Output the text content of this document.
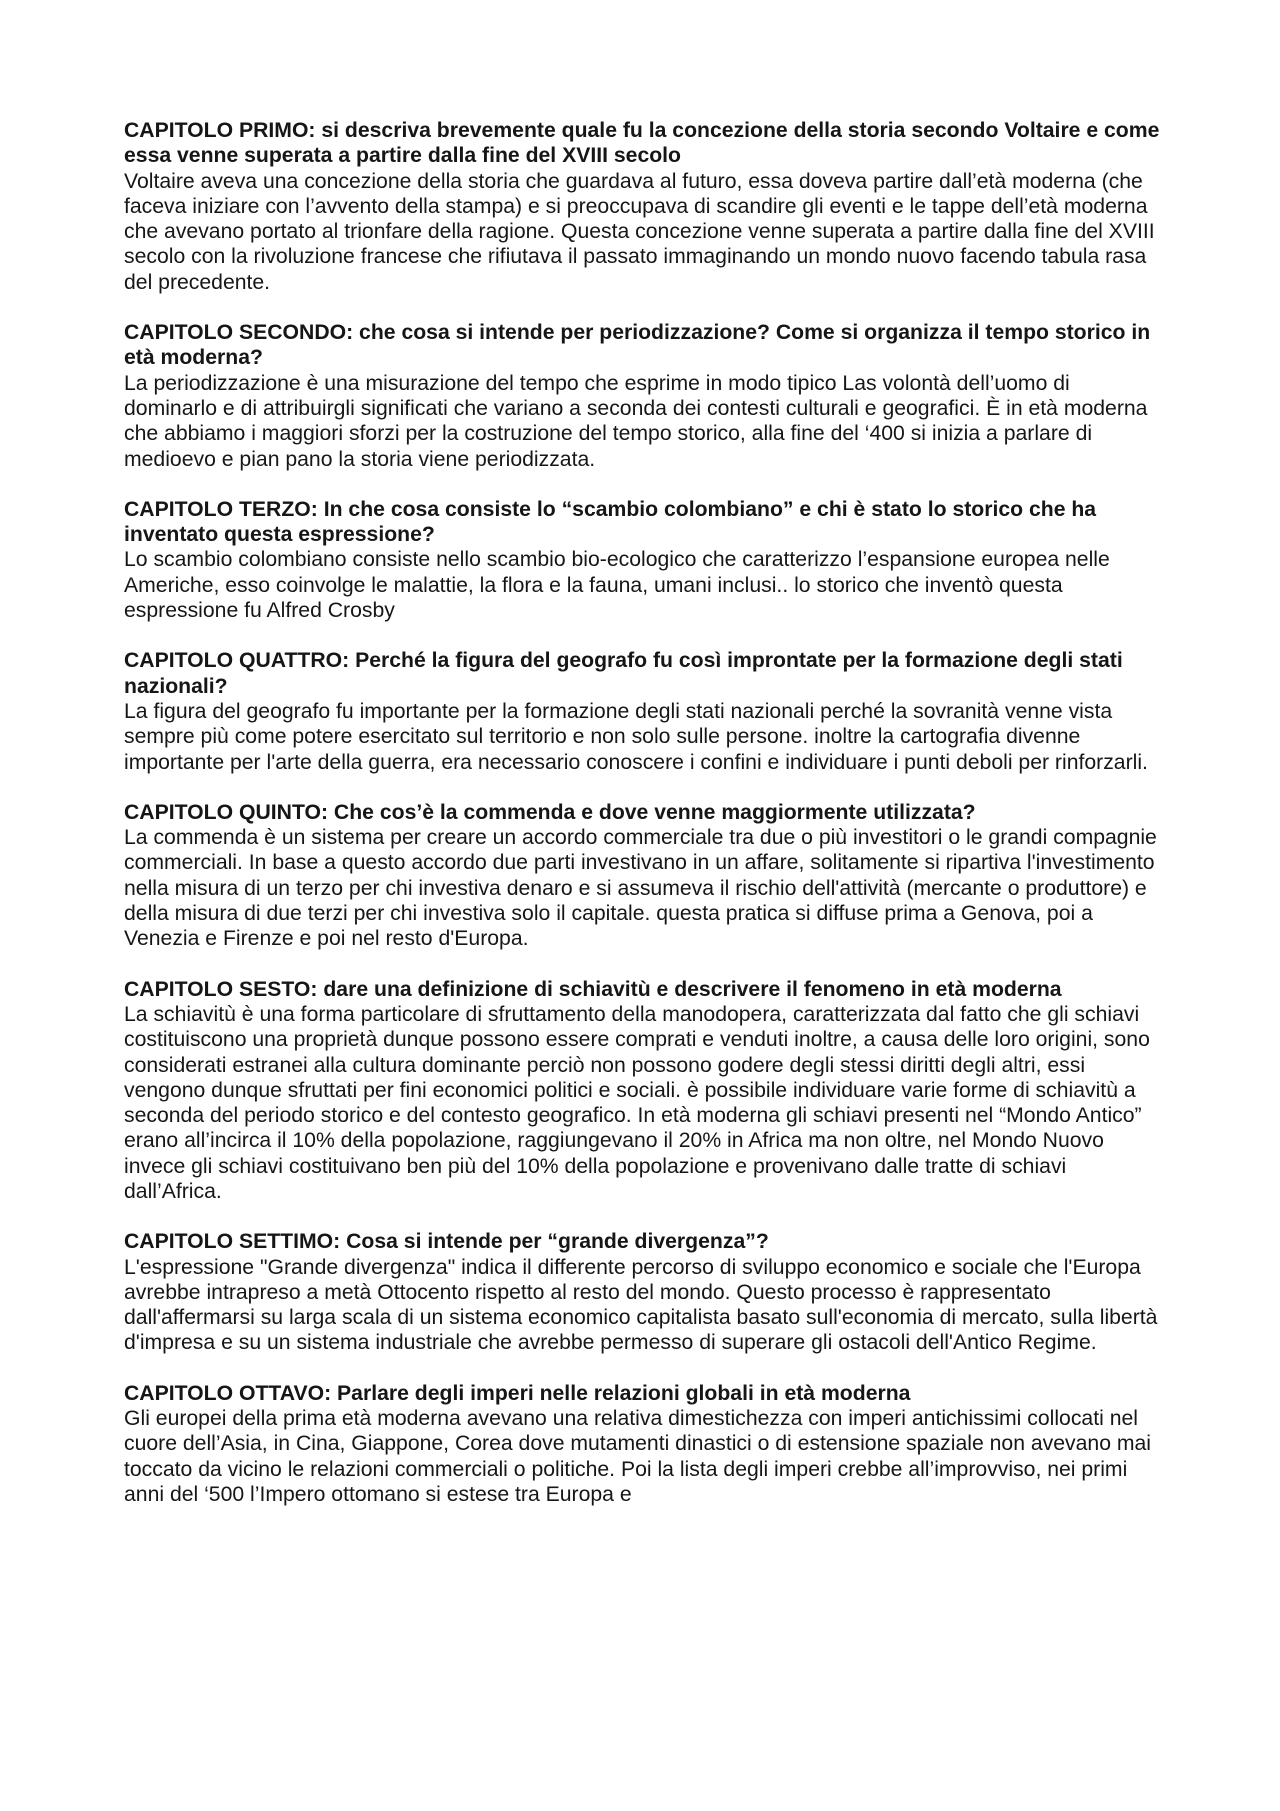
CAPITOLO PRIMO: si descriva brevemente quale fu la concezione della storia secondo Voltaire e come essa venne superata a partire dalla fine del XVIII secolo

Voltaire aveva una concezione della storia che guardava al futuro, essa doveva partire dall’età moderna (che faceva iniziare con l’avvento della stampa) e si preoccupava di scandire gli eventi e le tappe dell’età moderna che avevano portato al trionfare della ragione. Questa concezione venne superata a partire dalla fine del XVIII secolo con la rivoluzione francese che rifiutava il passato immaginando un mondo nuovo facendo tabula rasa del precedente.

CAPITOLO SECONDO: che cosa si intende per periodizzazione? Come si organizza il tempo storico in età moderna?

La periodizzazione è una misurazione del tempo che esprime in modo tipico Las volontà dell’uomo di dominarlo e di attribuirgli significati che variano a seconda dei contesti culturali e geografici. È in età moderna che abbiamo i maggiori sforzi per la costruzione del tempo storico, alla fine del ‘400 si inizia a parlare di medioevo e pian pano la storia viene periodizzata.

CAPITOLO TERZO: In che cosa consiste lo “scambio colombiano” e chi è stato lo storico che ha inventato questa espressione?

Lo scambio colombiano consiste nello scambio bio-ecologico che caratterizzo l’espansione europea nelle Americhe, esso coinvolge le malattie, la flora e la fauna, umani inclusi.. lo storico che inventò questa espressione fu Alfred Crosby

CAPITOLO QUATTRO: Perché la figura del geografo fu così improntate per la formazione degli stati nazionali?

La figura del geografo fu importante per la formazione degli stati nazionali perché la sovranità venne vista sempre più come potere esercitato sul territorio e non solo sulle persone. inoltre la cartografia divenne importante per l'arte della guerra, era necessario conoscere i confini e individuare i punti deboli per rinforzarli.

CAPITOLO QUINTO: Che cos’è la commenda e dove venne maggiormente utilizzata?

La commenda è un sistema per creare un accordo commerciale tra due o più investitori o le grandi compagnie commerciali. In base a questo accordo due parti investivano in un affare, solitamente si ripartiva l'investimento nella misura di un terzo per chi investiva denaro e si assumeva il rischio dell'attività (mercante o produttore) e della misura di due terzi per chi investiva solo il capitale. questa pratica si diffuse prima a Genova, poi a Venezia e Firenze e poi nel resto d'Europa.

CAPITOLO SESTO: dare una definizione di schiavitù e descrivere il fenomeno in età moderna

La schiavitù è una forma particolare di sfruttamento della manodopera, caratterizzata dal fatto che gli schiavi costituiscono una proprietà dunque possono essere comprati e venduti inoltre, a causa delle loro origini, sono considerati estranei alla cultura dominante perciò non possono godere degli stessi diritti degli altri, essi vengono dunque sfruttati per fini economici politici e sociali. è possibile individuare varie forme di schiavitù a seconda del periodo storico e del contesto geografico. In età moderna gli schiavi presenti nel “Mondo Antico” erano all’incirca il 10% della popolazione, raggiungevano il 20% in Africa ma non oltre, nel Mondo Nuovo invece gli schiavi costituivano ben più del 10% della popolazione e provenivano dalle tratte di schiavi dall’Africa.

CAPITOLO SETTIMO: Cosa si intende per “grande divergenza”?

L'espressione "Grande divergenza" indica il differente percorso di sviluppo economico e sociale che l'Europa avrebbe intrapreso a metà Ottocento rispetto al resto del mondo. Questo processo è rappresentato dall'affermarsi su larga scala di un sistema economico capitalista basato sull'economia di mercato, sulla libertà d'impresa e su un sistema industriale che avrebbe permesso di superare gli ostacoli dell'Antico Regime.

CAPITOLO OTTAVO: Parlare degli imperi nelle relazioni globali in età moderna

Gli europei della prima età moderna avevano una relativa dimestichezza con imperi antichissimi collocati nel cuore dell’Asia, in Cina, Giappone, Corea dove mutamenti dinastici o di estensione spaziale non avevano mai toccato da vicino le relazioni commerciali o politiche. Poi la lista degli imperi crebbe all’improvviso, nei primi anni del ‘500 l’Impero ottomano si estese tra Europa e
